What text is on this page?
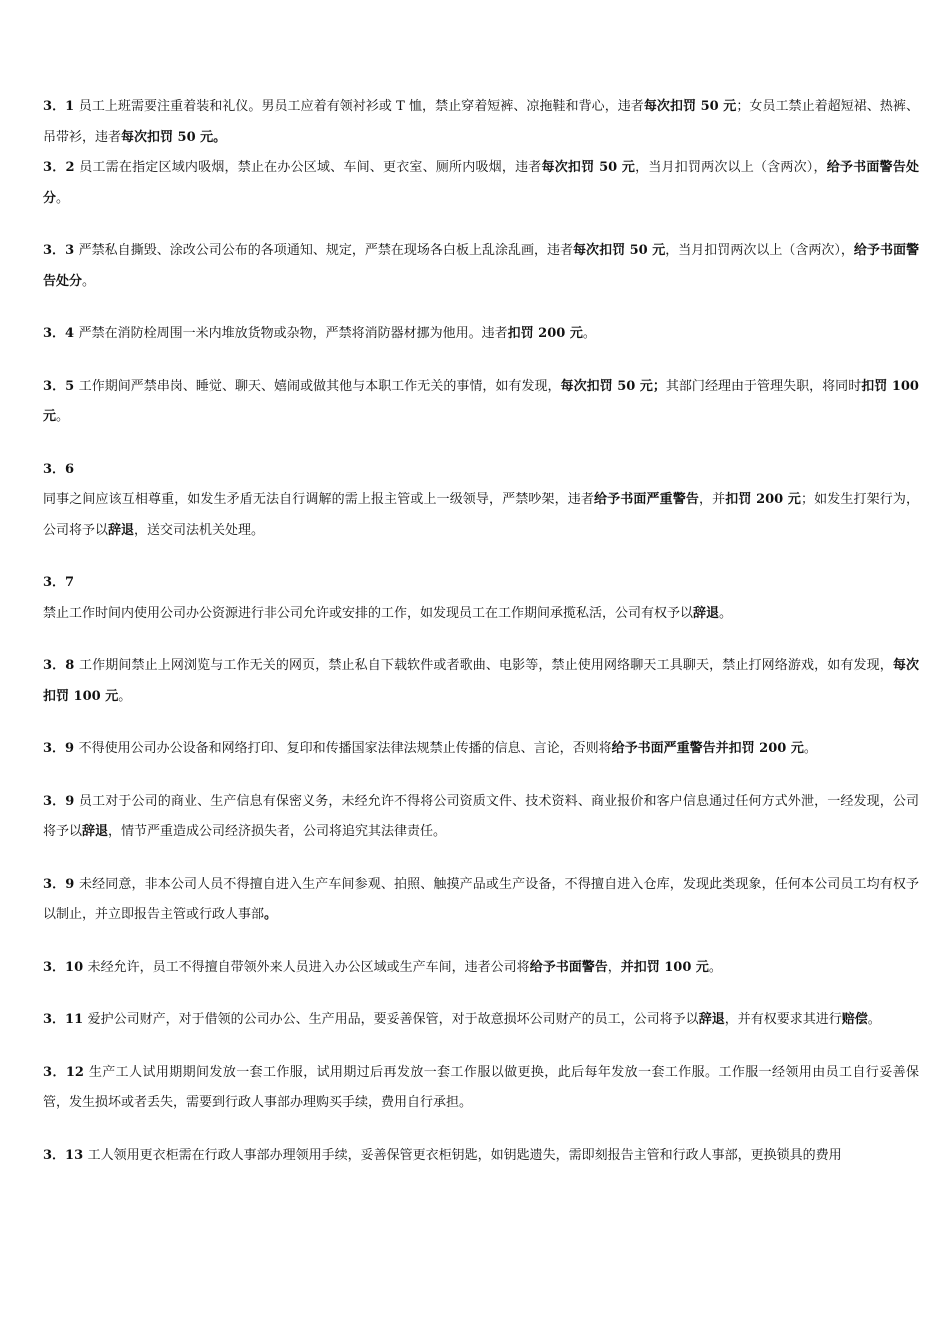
3．1 员工上班需要注重着装和礼仪。男员工应着有领衬衫或 T 恤，禁止穿着短裤、凉拖鞋和背心，违者每次扣罚 50 元；女员工禁止着超短裙、热裤、吊带衫，违者每次扣罚 50 元。

3．2 员工需在指定区域内吸烟，禁止在办公区域、车间、更衣室、厕所内吸烟，违者每次扣罚 50 元，当月扣罚两次以上（含两次），给予书面警告处分。

3．3 严禁私自撕毁、涂改公司公布的各项通知、规定，严禁在现场各白板上乱涂乱画，违者每次扣罚 50 元，当月扣罚两次以上（含两次），给予书面警告处分。

3．4 严禁在消防栓周围一米内堆放货物或杂物，严禁将消防器材挪为他用。违者扣罚 200 元。

3．5 工作期间严禁串岗、睡觉、聊天、嬉闹或做其他与本职工作无关的事情，如有发现，每次扣罚 50 元；其部门经理由于管理失职，将同时扣罚 100 元。

3．6

同事之间应该互相尊重，如发生矛盾无法自行调解的需上报主管或上一级领导，严禁吵架，违者给予书面严重警告，并扣罚 200 元；如发生打架行为，公司将予以辞退，送交司法机关处理。

3．7

禁止工作时间内使用公司办公资源进行非公司允许或安排的工作，如发现员工在工作期间承揽私活，公司有权予以辞退。

3．8 工作期间禁止上网浏览与工作无关的网页，禁止私自下载软件或者歌曲、电影等，禁止使用网络聊天工具聊天，禁止打网络游戏，如有发现，每次扣罚 100 元。

3．9 不得使用公司办公设备和网络打印、复印和传播国家法律法规禁止传播的信息、言论，否则将给予书面严重警告并扣罚 200 元。

3．9 员工对于公司的商业、生产信息有保密义务，未经允许不得将公司资质文件、技术资料、商业报价和客户信息通过任何方式外泄，一经发现，公司将予以辞退，情节严重造成公司经济损失者，公司将追究其法律责任。

3．9 未经同意，非本公司人员不得擅自进入生产车间参观、拍照、触摸产品或生产设备，不得擅自进入仓库，发现此类现象，任何本公司员工均有权予以制止，并立即报告主管或行政人事部。

3．10 未经允许，员工不得擅自带领外来人员进入办公区域或生产车间，违者公司将给予书面警告，并扣罚 100 元。

3．11 爱护公司财产，对于借领的公司办公、生产用品，要妥善保管，对于故意损坏公司财产的员工，公司将予以辞退，并有权要求其进行赔偿。

3．12 生产工人试用期期间发放一套工作服，试用期过后再发放一套工作服以做更换，此后每年发放一套工作服。工作服一经领用由员工自行妥善保管，发生损坏或者丢失，需要到行政人事部办理购买手续，费用自行承担。

3．13 工人领用更衣柜需在行政人事部办理领用手续，妥善保管更衣柜钥匙，如钥匙遗失，需即刻报告主管和行政人事部，更换锁具的费用
